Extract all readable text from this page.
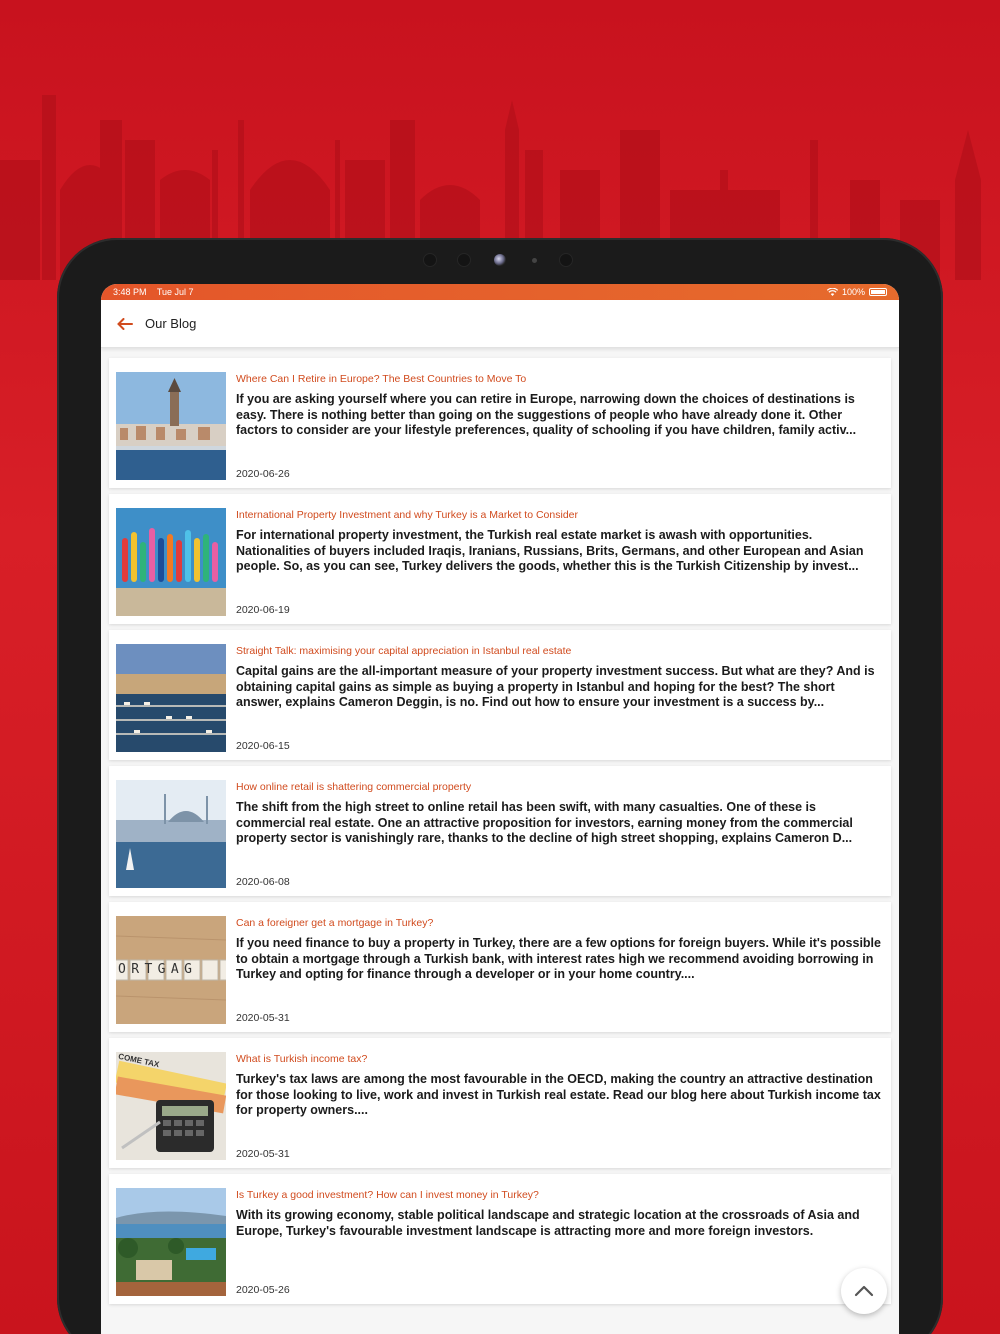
3:48 PM Tue Jul 7	100%
Our Blog
Where Can I Retire in Europe? The Best Countries to Move To
If you are asking yourself where you can retire in Europe, narrowing down the choices of destinations is easy. There is nothing better than going on the suggestions of people who have already done it. Other factors to consider are your lifestyle preferences, quality of schooling if you have children, family activ...
2020-06-26
International Property Investment and why Turkey is a Market to Consider
For international property investment, the Turkish real estate market is awash with opportunities. Nationalities of buyers included Iraqis, Iranians, Russians, Brits, Germans, and other European and Asian people. So, as you can see, Turkey delivers the goods, whether this is the Turkish Citizenship by invest...
2020-06-19
Straight Talk: maximising your capital appreciation in Istanbul real estate
Capital gains are the all-important measure of your property investment success. But what are they? And is obtaining capital gains as simple as buying a property in Istanbul and hoping for the best? The short answer, explains Cameron Deggin, is no. Find out how to ensure your investment is a success by...
2020-06-15
How online retail is shattering commercial property
The shift from the high street to online retail has been swift, with many casualties. One of these is commercial real estate. One an attractive proposition for investors, earning money from the commercial property sector is vanishingly rare, thanks to the decline of high street shopping, explains Cameron D...
2020-06-08
ORTGAG
Can a foreigner get a mortgage in Turkey?
If you need finance to buy a property in Turkey, there are a few options for foreign buyers. While it's possible to obtain a mortgage through a Turkish bank, with interest rates high we recommend avoiding borrowing in Turkey and opting for finance through a developer or in your home country....
2020-05-31
COME TAX	What is Turkish income tax?
Turkey's tax laws are among the most favourable in the OECD, making the country an attractive destination for those looking to live, work and invest in Turkish real estate. Read our blog here about Turkish income tax for property owners....
2020-05-31
Is Turkey a good investment? How can I invest money in Turkey?
With its growing economy, stable political landscape and strategic location at the crossroads of Asia and Europe, Turkey's favourable investment landscape is attracting more and more foreign investors.
2020-05-26
